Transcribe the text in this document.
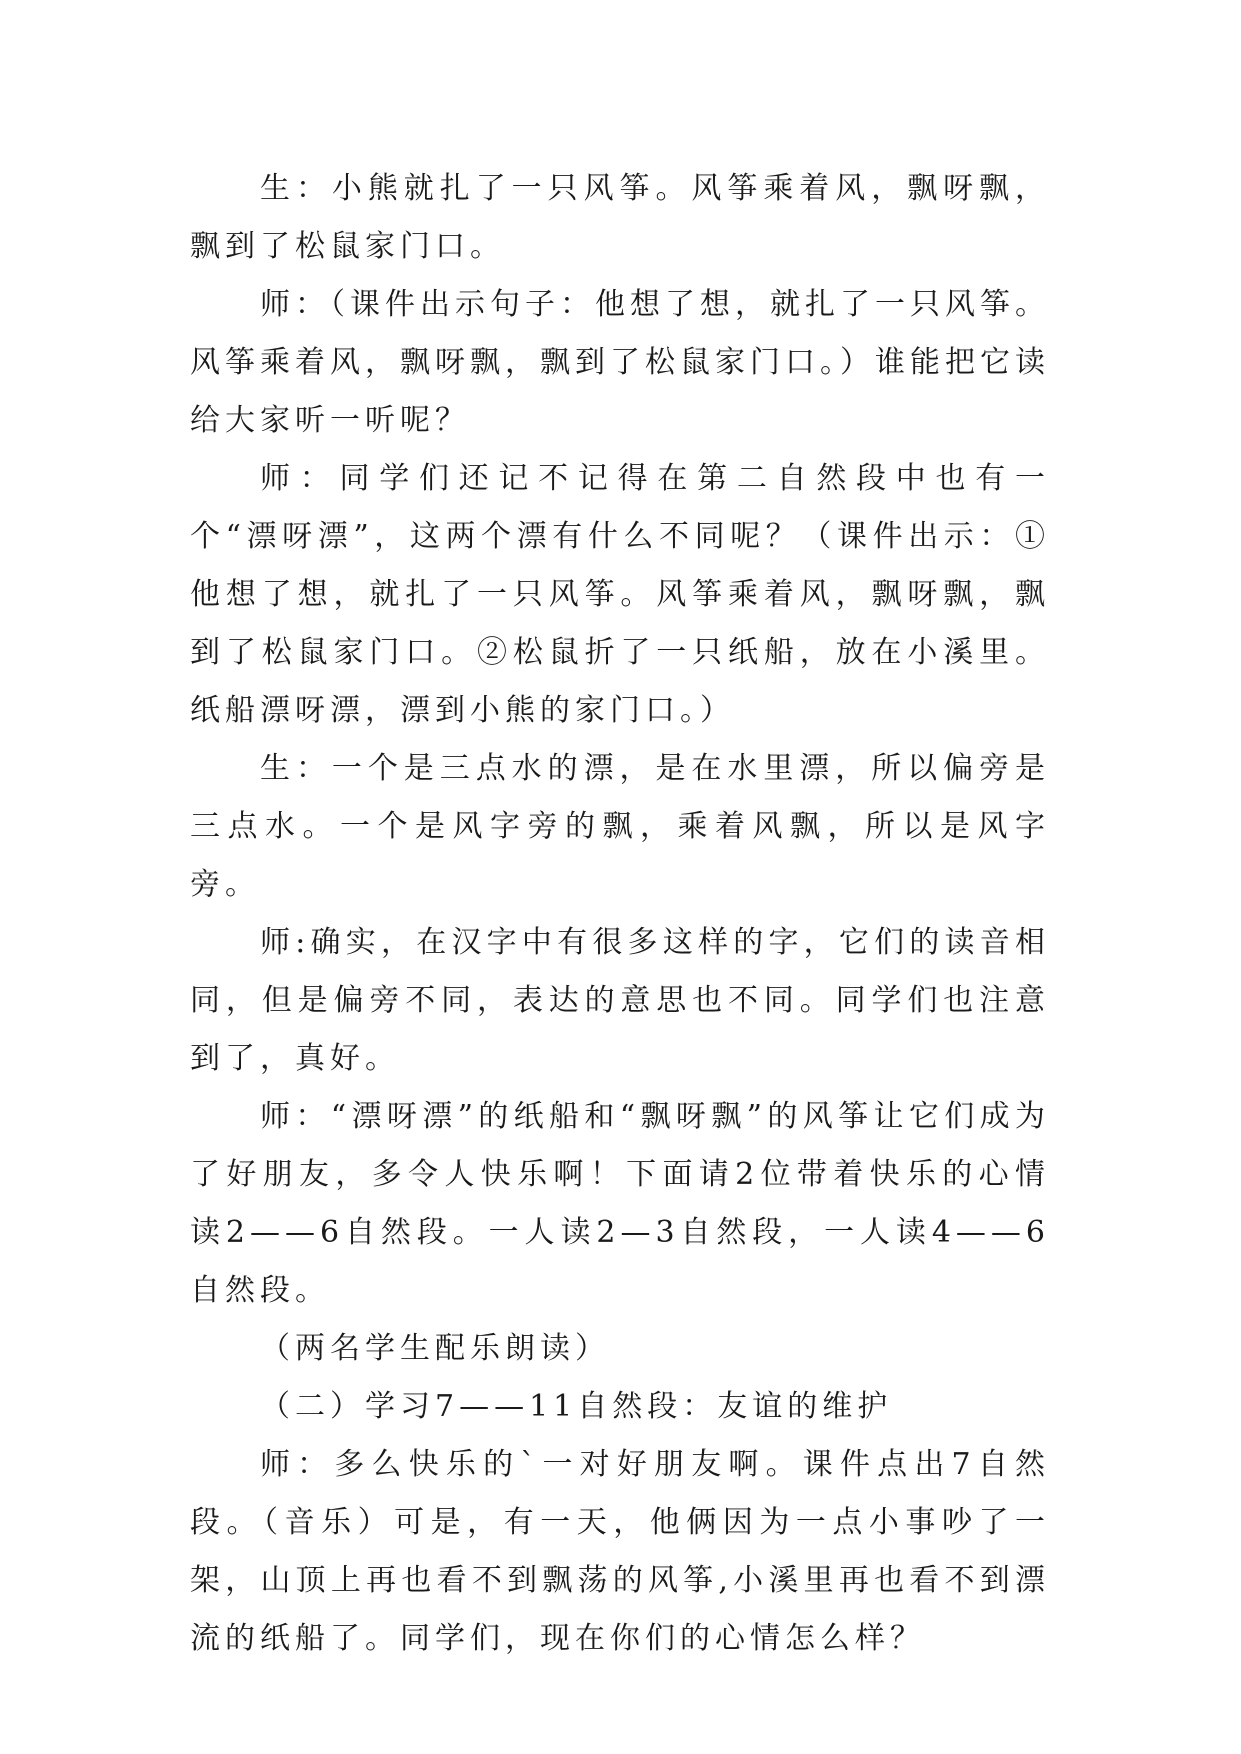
生：小熊就扎了一只风筝。风筝乘着风，飘呀飘，飘到了松鼠家门口。

师：（课件出示句子：他想了想，就扎了一只风筝。风筝乘着风，飘呀飘，飘到了松鼠家门口。）谁能把它读给大家听一听呢？

师：同学们还记不记得在第二自然段中也有一个“漂呀漂”，这两个漂有什么不同呢？（课件出示：①他想了想，就扎了一只风筝。风筝乘着风，飘呀飘，飘到了松鼠家门口。②松鼠折了一只纸船，放在小溪里。纸船漂呀漂，漂到小熊的家门口。）

生：一个是三点水的漂，是在水里漂，所以偏旁是三点水。一个是风字旁的飘，乘着风飘，所以是风字旁。

师:确实，在汉字中有很多这样的字，它们的读音相同，但是偏旁不同，表达的意思也不同。同学们也注意到了，真好。

师：“漂呀漂”的纸船和“飘呀飘”的风筝让它们成为了好朋友，多令人快乐啊！下面请2位带着快乐的心情读2——6自然段。一人读2—3自然段，一人读4——6自然段。

（两名学生配乐朗读）

（二）学习7——11自然段：友谊的维护

师：多么快乐的`一对好朋友啊。课件点出7自然段。（音乐）可是，有一天，他俩因为一点小事吵了一架，山顶上再也看不到飘荡的风筝,小溪里再也看不到漂流的纸船了。同学们，现在你们的心情怎么样？
